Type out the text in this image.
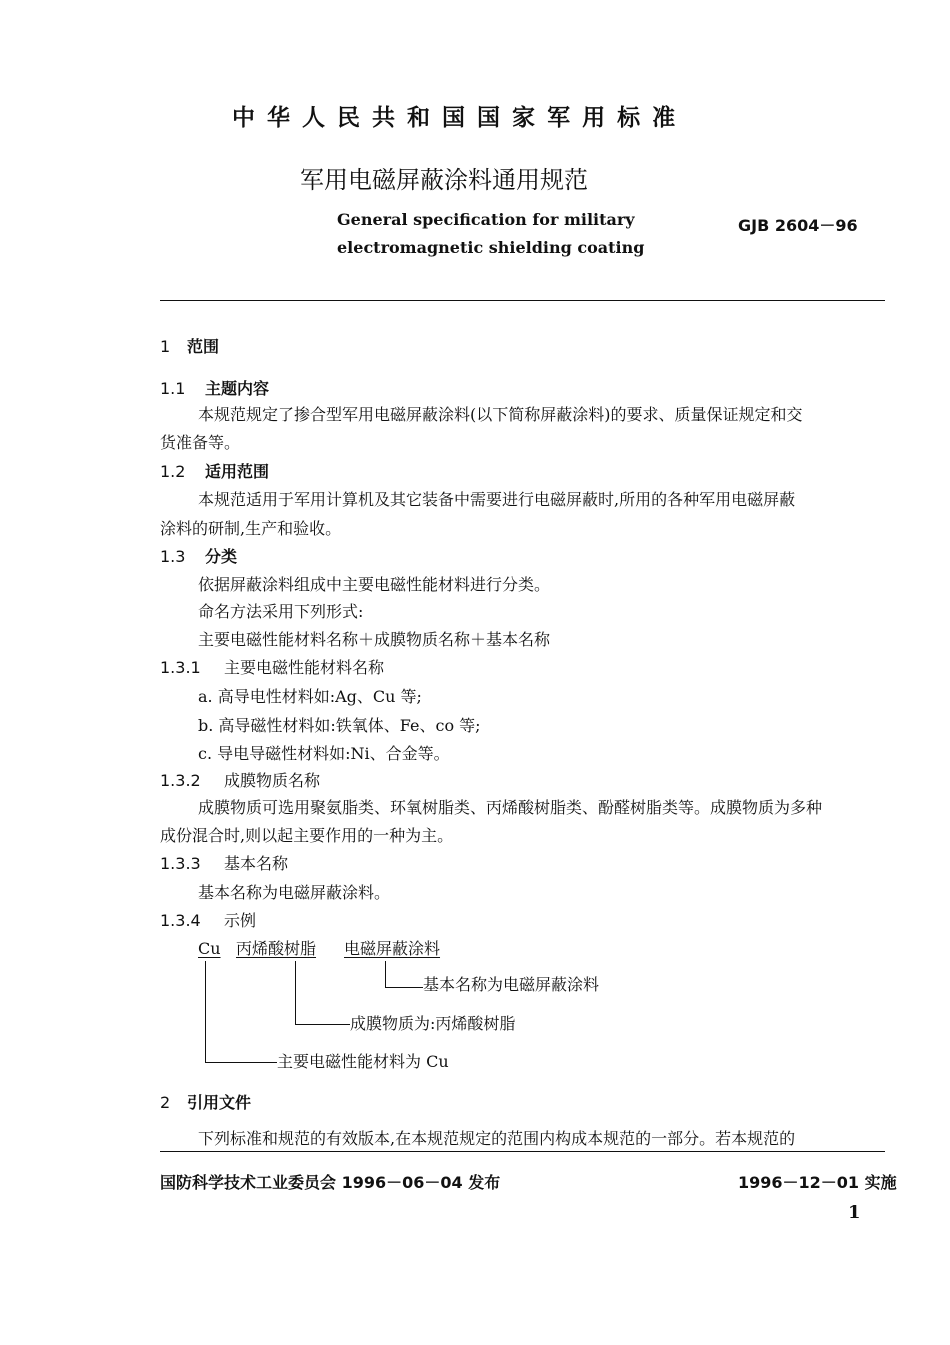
中 华 人 民 共 和 国 国 家 军 用 标 准
军用电磁屏蔽涂料通用规范
General specification for military
electromagnetic shielding coating
GJB 2604－96
1 范围
1.1 主题内容
本规范规定了掺合型军用电磁屏蔽涂料(以下简称屏蔽涂料)的要求、质量保证规定和交
货准备等。
1.2 适用范围
本规范适用于军用计算机及其它装备中需要进行电磁屏蔽时,所用的各种军用电磁屏蔽
涂料的研制,生产和验收。
1.3 分类
依据屏蔽涂料组成中主要电磁性能材料进行分类。
命名方法采用下列形式:
主要电磁性能材料名称＋成膜物质名称＋基本名称
1.3.1 主要电磁性能材料名称
a. 高导电性材料如:Ag、Cu 等;
b. 高导磁性材料如:铁氧体、Fe、co 等;
c. 导电导磁性材料如:Ni、合金等。
1.3.2 成膜物质名称
成膜物质可选用聚氨脂类、环氧树脂类、丙烯酸树脂类、酚醛树脂类等。成膜物质为多种
成份混合时,则以起主要作用的一种为主。
1.3.3 基本名称
基本名称为电磁屏蔽涂料。
1.3.4 示例
Cu 丙烯酸树脂 电磁屏蔽涂料
基本名称为电磁屏蔽涂料
成膜物质为:丙烯酸树脂
主要电磁性能材料为 Cu
2 引用文件
下列标准和规范的有效版本,在本规范规定的范围内构成本规范的一部分。若本规范的
国防科学技术工业委员会 1996－06－04 发布	1996－12－01 实施
1
